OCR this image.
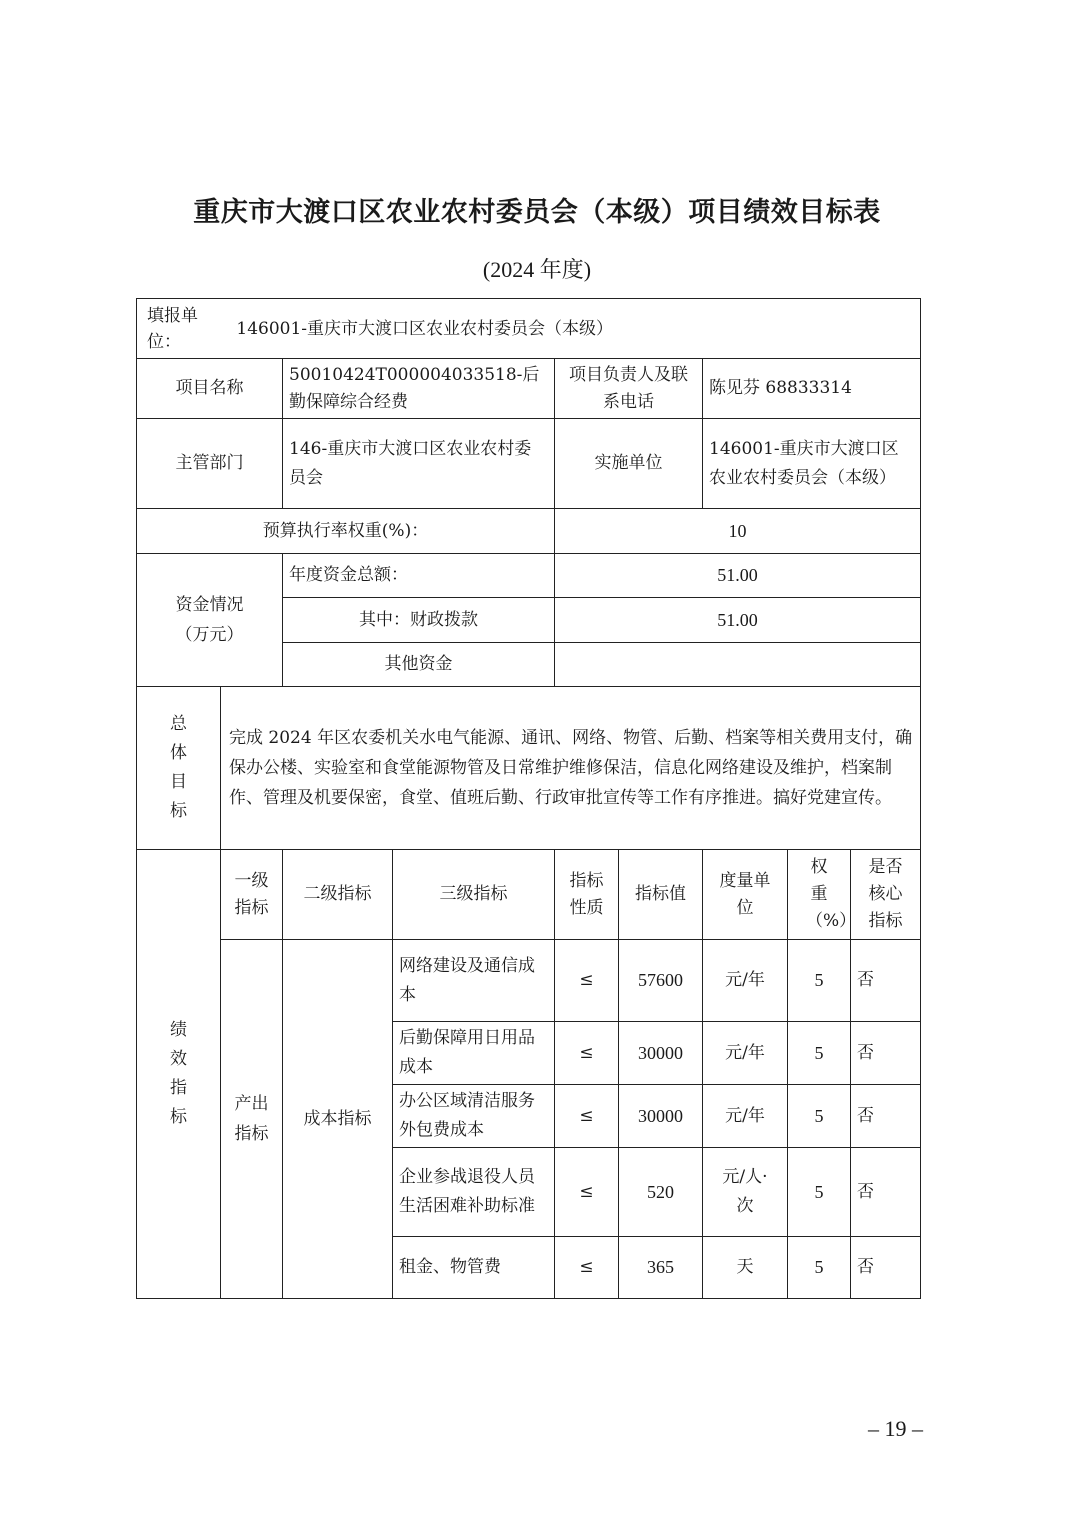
重庆市大渡口区农业农村委员会（本级）项目绩效目标表
(2024 年度)
填报单位： 146001-重庆市大渡口区农业农村委员会（本级）								
项目名称		50010424T000004033518-后勤保障综合经费		项目负责人及联系电话		陈见芬 68833314		
主管部门		146-重庆市大渡口区农业农村委员会		实施单位		146001-重庆市大渡口区农业农村委员会（本级）		
预算执行率权重(%)：				10				
资金情况（万元）		年度资金总额：		51.00				
		其中：财政拨款		51.00				
		其他资金						
总体目标	完成 2024 年区农委机关水电气能源、通讯、网络、物管、后勤、档案等相关费用支付，确保办公楼、实验室和食堂能源物管及日常维护维修保洁，信息化网络建设及维护，档案制作、管理及机要保密，食堂、值班后勤、行政审批宣传等工作有序推进。搞好党建宣传。							
绩效指标	一级指标	二级指标	三级指标	指标性质	指标值	度量单位	权重（%）	是否核心指标
	产出指标	成本指标	网络建设及通信成本	≤	57600	元/年	5	否
			后勤保障用日用品成本	≤	30000	元/年	5	否
			办公区域清洁服务外包费成本	≤	30000	元/年	5	否
			企业参战退役人员生活困难补助标准	≤	520	元/人·次	5	否
			租金、物管费	≤	365	天	5	否
– 19 –
